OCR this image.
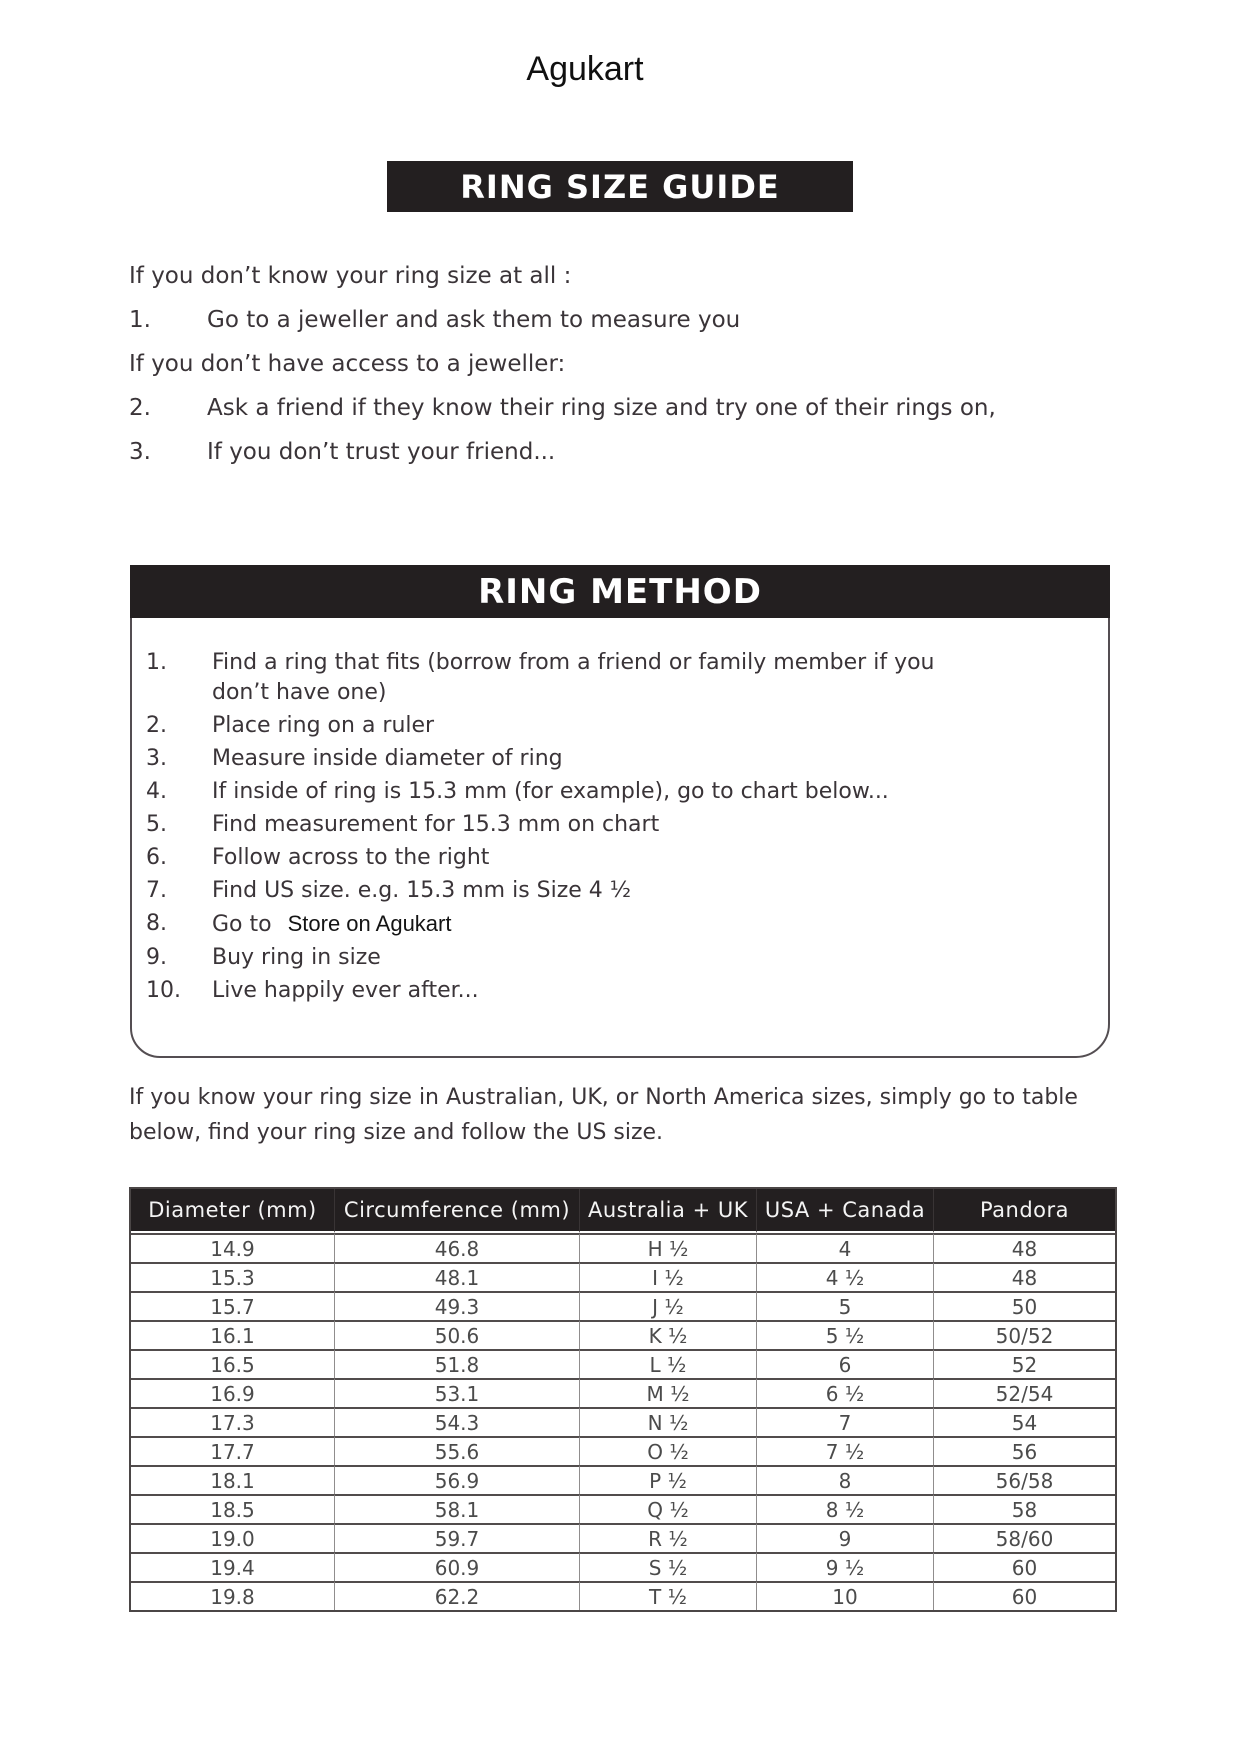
Agukart
RING SIZE GUIDE
If you don’t know your ring size at all :
1.	Go to a jeweller and ask them to measure you
If you don’t have access to a jeweller:
2.	Ask a friend if they know their ring size and try one of their rings on,
3.	If you don’t trust your friend...
RING METHOD
1.	Find a ring that fits (borrow from a friend or family member if you don’t have one)
2.	Place ring on a ruler
3.	Measure inside diameter of ring
4.	If inside of ring is 15.3 mm (for example), go to chart below...
5.	Find measurement for 15.3 mm on chart
6.	Follow across to the right
7.	Find US size. e.g. 15.3 mm is Size 4 ½
8.	Go to Store on Agukart
9.	Buy ring in size
10.	Live happily ever after...

If you know your ring size in Australian, UK, or North America sizes, simply go to table below, find your ring size and follow the US size.

Diameter (mm)	Circumference (mm)	Australia + UK	USA + Canada	Pandora
14.9	46.8	H ½	4	48
15.3	48.1	I ½	4 ½	48
15.7	49.3	J ½	5	50
16.1	50.6	K ½	5 ½	50/52
16.5	51.8	L ½	6	52
16.9	53.1	M ½	6 ½	52/54
17.3	54.3	N ½	7	54
17.7	55.6	O ½	7 ½	56
18.1	56.9	P ½	8	56/58
18.5	58.1	Q ½	8 ½	58
19.0	59.7	R ½	9	58/60
19.4	60.9	S ½	9 ½	60
19.8	62.2	T ½	10	60
